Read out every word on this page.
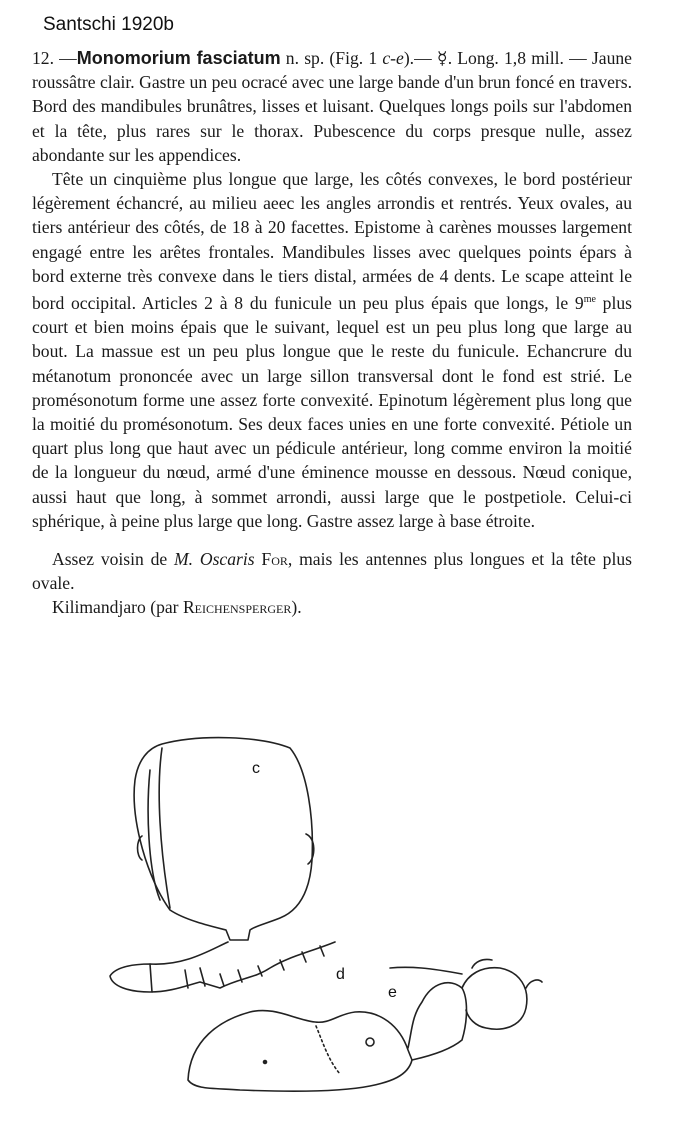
Santschi 1920b

12. —Monomorium fasciatum n. sp. (Fig. 1 c-e).— ☿. Long. 1,8 mill. — Jaune roussâtre clair. Gastre un peu ocracé avec une large bande d'un brun foncé en travers. Bord des mandibules brunâtres, lisses et luisant. Quelques longs poils sur l'abdomen et la tête, plus rares sur le thorax. Pubescence du corps presque nulle, assez abondante sur les appendices.

Tête un cinquième plus longue que large, les côtés convexes, le bord postérieur légèrement échancré, au milieu aeec les angles arrondis et rentrés. Yeux ovales, au tiers antérieur des côtés, de 18 à 20 facettes. Epistome à carènes mousses largement engagé entre les arêtes frontales. Mandibules lisses avec quelques points épars à bord externe très convexe dans le tiers distal, armées de 4 dents. Le scape atteint le bord occipital. Articles 2 à 8 du funicule un peu plus épais que longs, le $9^{me}$ plus court et bien moins épais que le suivant, lequel est un peu plus long que large au bout. La massue est un peu plus longue que le reste du funicule. Echancrure du métanotum prononcée avec un large sillon transversal dont le fond est strié. Le promésonotum forme une assez forte convexité. Epinotum légèrement plus long que la moitié du promésonotum. Ses deux faces unies en une forte convexité. Pétiole un quart plus long que haut avec un pédicule antérieur, long comme environ la moitié de la longueur du nœud, armé d'une éminence mousse en dessous. Nœud conique, aussi haut que long, à sommet arrondi, aussi large que le postpetiole. Celui-ci sphérique, à peine plus large que long. Gastre assez large à base étroite.

Assez voisin de M. Oscaris For, mais les antennes plus longues et la tête plus ovale.

Kilimandjaro (par Reichensperger).

c
d
e
